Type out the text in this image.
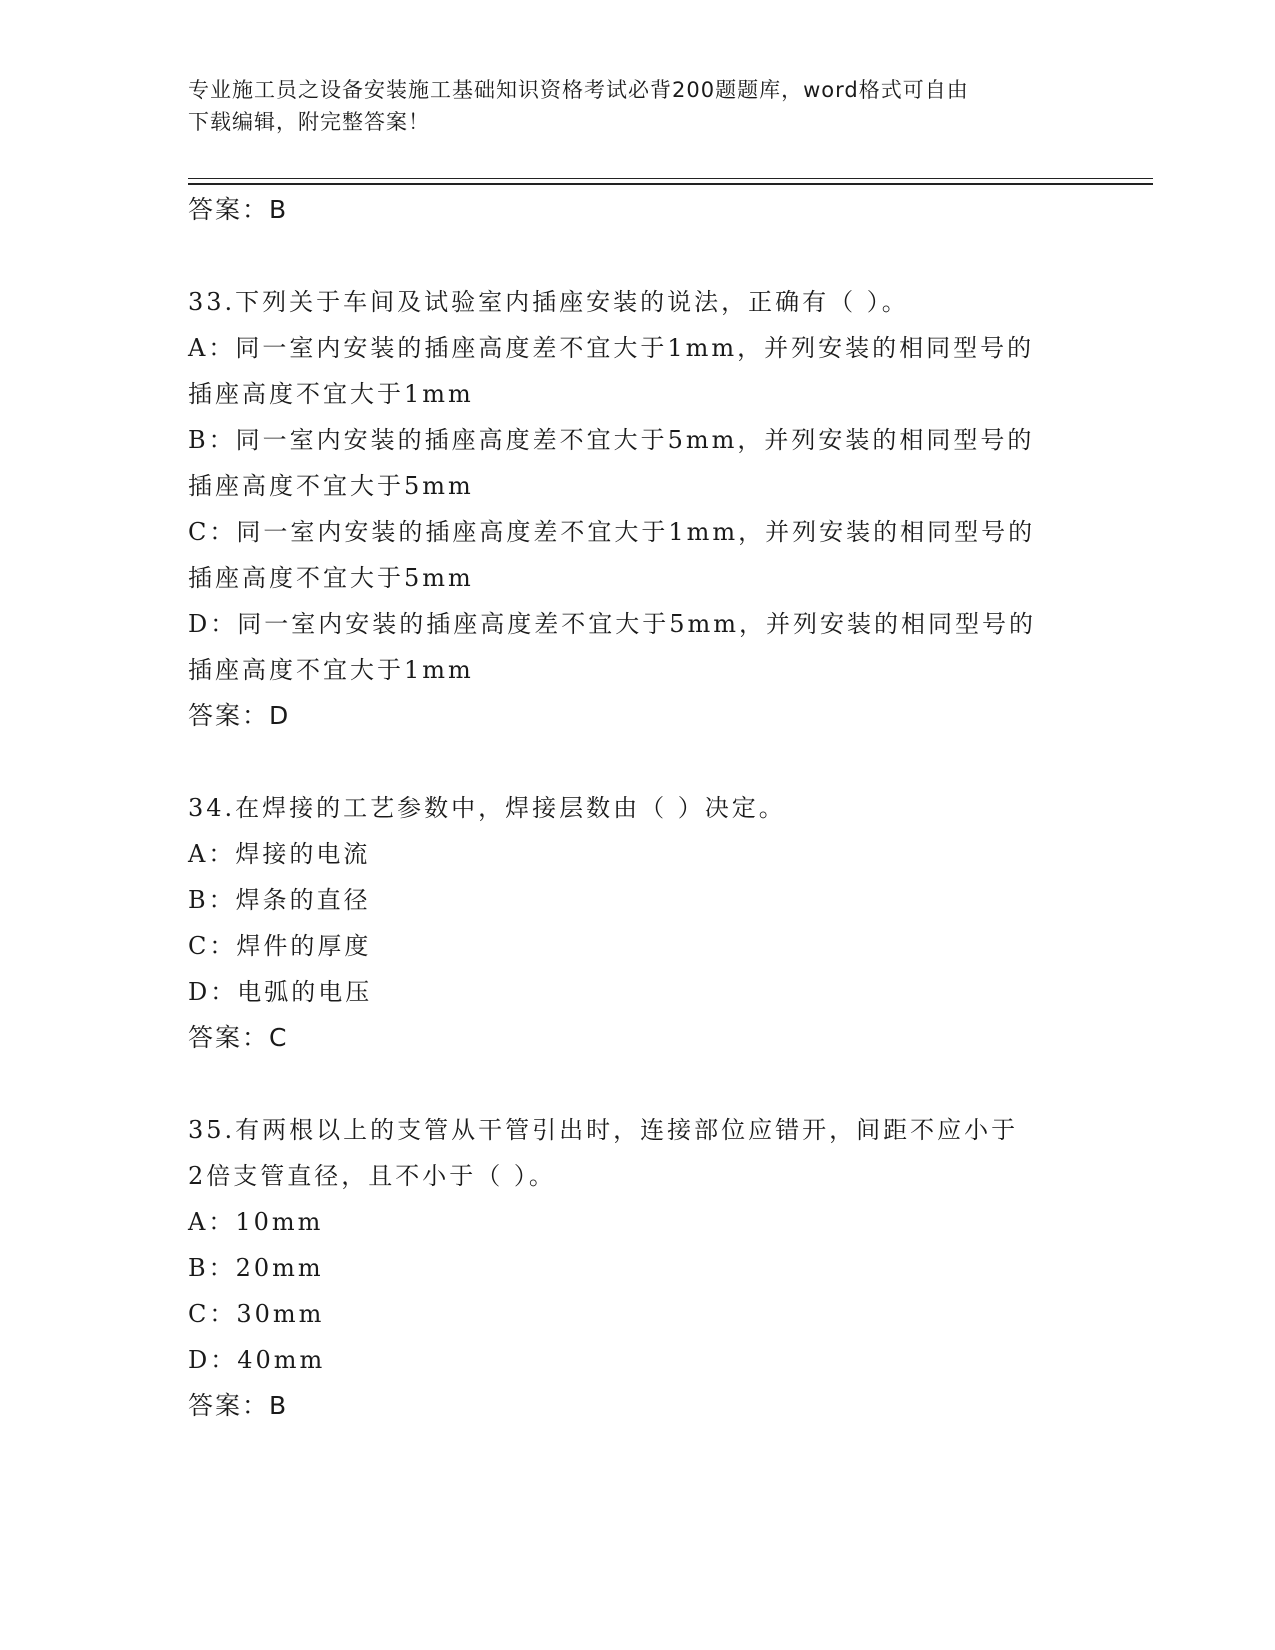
专业施工员之设备安装施工基础知识资格考试必背200题题库，word格式可自由
下载编辑，附完整答案！
答案：B
33.下列关于车间及试验室内插座安装的说法，正确有（ ）。
A：同一室内安装的插座高度差不宜大于1mm，并列安装的相同型号的
插座高度不宜大于1mm
B：同一室内安装的插座高度差不宜大于5mm，并列安装的相同型号的
插座高度不宜大于5mm
C：同一室内安装的插座高度差不宜大于1mm，并列安装的相同型号的
插座高度不宜大于5mm
D：同一室内安装的插座高度差不宜大于5mm，并列安装的相同型号的
插座高度不宜大于1mm
答案：D
34.在焊接的工艺参数中，焊接层数由（ ）决定。
A：焊接的电流
B：焊条的直径
C：焊件的厚度
D：电弧的电压
答案：C
35.有两根以上的支管从干管引出时，连接部位应错开，间距不应小于
2倍支管直径，且不小于（ ）。
A：10mm
B：20mm
C：30mm
D：40mm
答案：B
